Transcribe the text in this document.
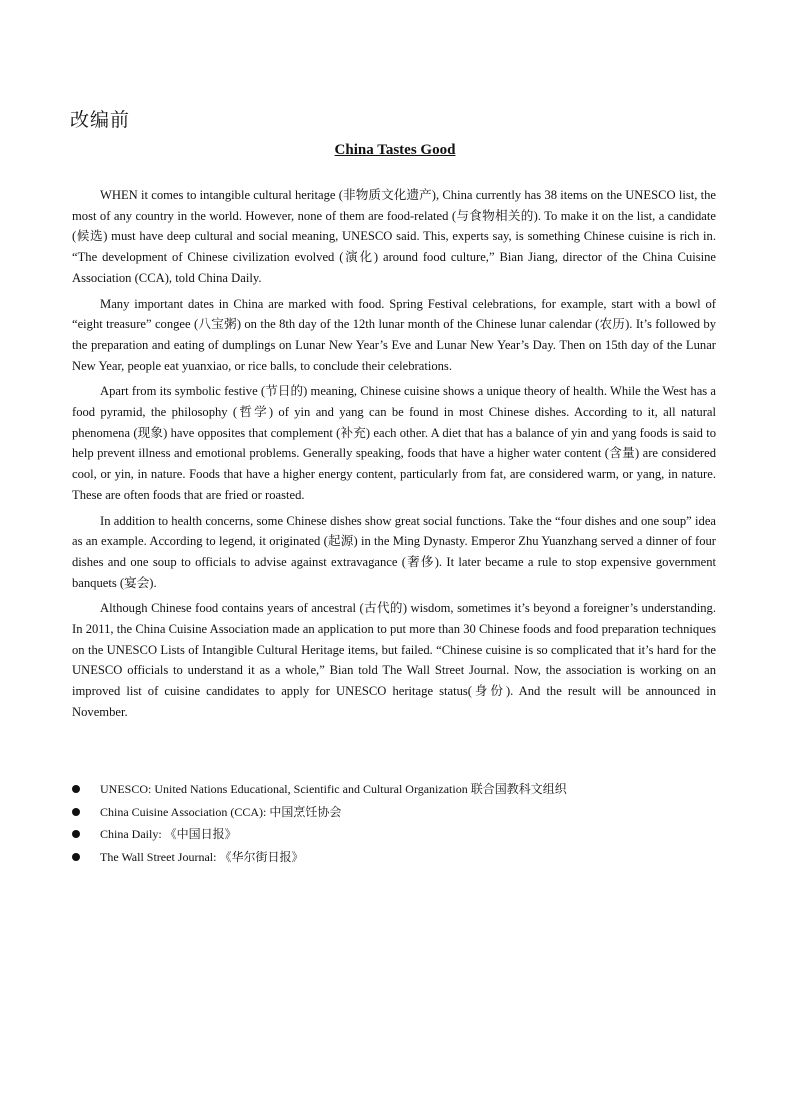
改编前
China Tastes Good

WHEN it comes to intangible cultural heritage (非物质文化遗产), China currently has 38 items on the UNESCO list, the most of any country in the world. However, none of them are food-related (与食物相关的). To make it on the list, a candidate (候选) must have deep cultural and social meaning, UNESCO said. This, experts say, is something Chinese cuisine is rich in. “The development of Chinese civilization evolved (演化) around food culture,” Bian Jiang, director of the China Cuisine Association (CCA), told China Daily.

Many important dates in China are marked with food. Spring Festival celebrations, for example, start with a bowl of “eight treasure” congee (八宝粥) on the 8th day of the 12th lunar month of the Chinese lunar calendar (农历). It’s followed by the preparation and eating of dumplings on Lunar New Year’s Eve and Lunar New Year’s Day. Then on 15th day of the Lunar New Year, people eat yuanxiao, or rice balls, to conclude their celebrations.

Apart from its symbolic festive (节日的) meaning, Chinese cuisine shows a unique theory of health. While the West has a food pyramid, the philosophy (哲学) of yin and yang can be found in most Chinese dishes. According to it, all natural phenomena (现象) have opposites that complement (补充) each other. A diet that has a balance of yin and yang foods is said to help prevent illness and emotional problems. Generally speaking, foods that have a higher water content (含量) are considered cool, or yin, in nature. Foods that have a higher energy content, particularly from fat, are considered warm, or yang, in nature. These are often foods that are fried or roasted.

In addition to health concerns, some Chinese dishes show great social functions. Take the “four dishes and one soup” idea as an example. According to legend, it originated (起源) in the Ming Dynasty. Emperor Zhu Yuanzhang served a dinner of four dishes and one soup to officials to advise against extravagance (奢侈). It later became a rule to stop expensive government banquets (宴会).

Although Chinese food contains years of ancestral (古代的) wisdom, sometimes it’s beyond a foreigner’s understanding. In 2011, the China Cuisine Association made an application to put more than 30 Chinese foods and food preparation techniques on the UNESCO Lists of Intangible Cultural Heritage items, but failed. “Chinese cuisine is so complicated that it’s hard for the UNESCO officials to understand it as a whole,” Bian told The Wall Street Journal. Now, the association is working on an improved list of cuisine candidates to apply for UNESCO heritage status(身份). And the result will be announced in November.

UNESCO: United Nations Educational, Scientific and Cultural Organization 联合国教科文组织
China Cuisine Association (CCA): 中国烹饪协会
China Daily: 《中国日报》
The Wall Street Journal: 《华尔街日报》
